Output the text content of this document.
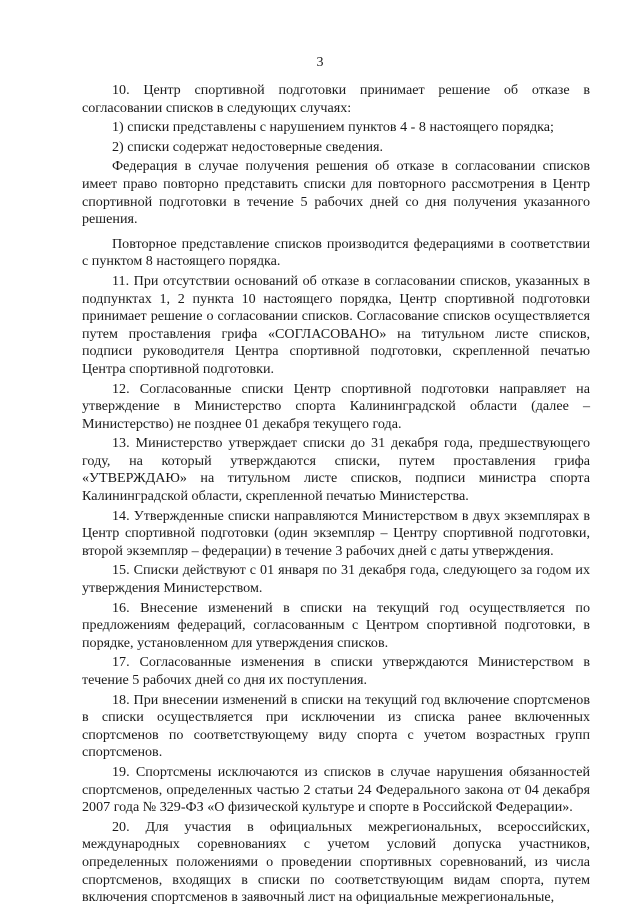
3

10. Центр спортивной подготовки принимает решение об отказе в согласовании списков в следующих случаях:

1) списки представлены с нарушением пунктов 4 - 8 настоящего порядка;

2) списки содержат недостоверные сведения.

Федерация в случае получения решения об отказе в согласовании списков имеет право повторно представить списки для повторного рассмотрения в Центр спортивной подготовки в течение 5 рабочих дней со дня получения указанного решения.

Повторное представление списков производится федерациями в соответствии с пунктом 8 настоящего порядка.

11. При отсутствии оснований об отказе в согласовании списков, указанных в подпунктах 1, 2 пункта 10 настоящего порядка, Центр спортивной подготовки принимает решение о согласовании списков. Согласование списков осуществляется путем проставления грифа «СОГЛАСОВАНО» на титульном листе списков, подписи руководителя Центра спортивной подготовки, скрепленной печатью Центра спортивной подготовки.

12. Согласованные списки Центр спортивной подготовки направляет на утверждение в Министерство спорта Калининградской области (далее – Министерство) не позднее 01 декабря текущего года.

13. Министерство утверждает списки до 31 декабря года, предшествующего году, на который утверждаются списки, путем проставления грифа «УТВЕРЖДАЮ» на титульном листе списков, подписи министра спорта Калининградской области, скрепленной печатью Министерства.

14. Утвержденные списки направляются Министерством в двух экземплярах в Центр спортивной подготовки (один экземпляр – Центру спортивной подготовки, второй экземпляр – федерации) в течение 3 рабочих дней с даты утверждения.

15. Списки действуют с 01 января по 31 декабря года, следующего за годом их утверждения Министерством.

16. Внесение изменений в списки на текущий год осуществляется по предложениям федераций, согласованным с Центром спортивной подготовки, в порядке, установленном для утверждения списков.

17. Согласованные изменения в списки утверждаются Министерством в течение 5 рабочих дней со дня их поступления.

18. При внесении изменений в списки на текущий год включение спортсменов в списки осуществляется при исключении из списка ранее включенных спортсменов по соответствующему виду спорта с учетом возрастных групп спортсменов.

19. Спортсмены исключаются из списков в случае нарушения обязанностей спортсменов, определенных частью 2 статьи 24 Федерального закона от 04 декабря 2007 года № 329-ФЗ «О физической культуре и спорте в Российской Федерации».

20. Для участия в официальных межрегиональных, всероссийских, международных соревнованиях с учетом условий допуска участников, определенных положениями о проведении спортивных соревнований, из числа спортсменов, входящих в списки по соответствующим видам спорта, путем включения спортсменов в заявочный лист на официальные межрегиональные,
